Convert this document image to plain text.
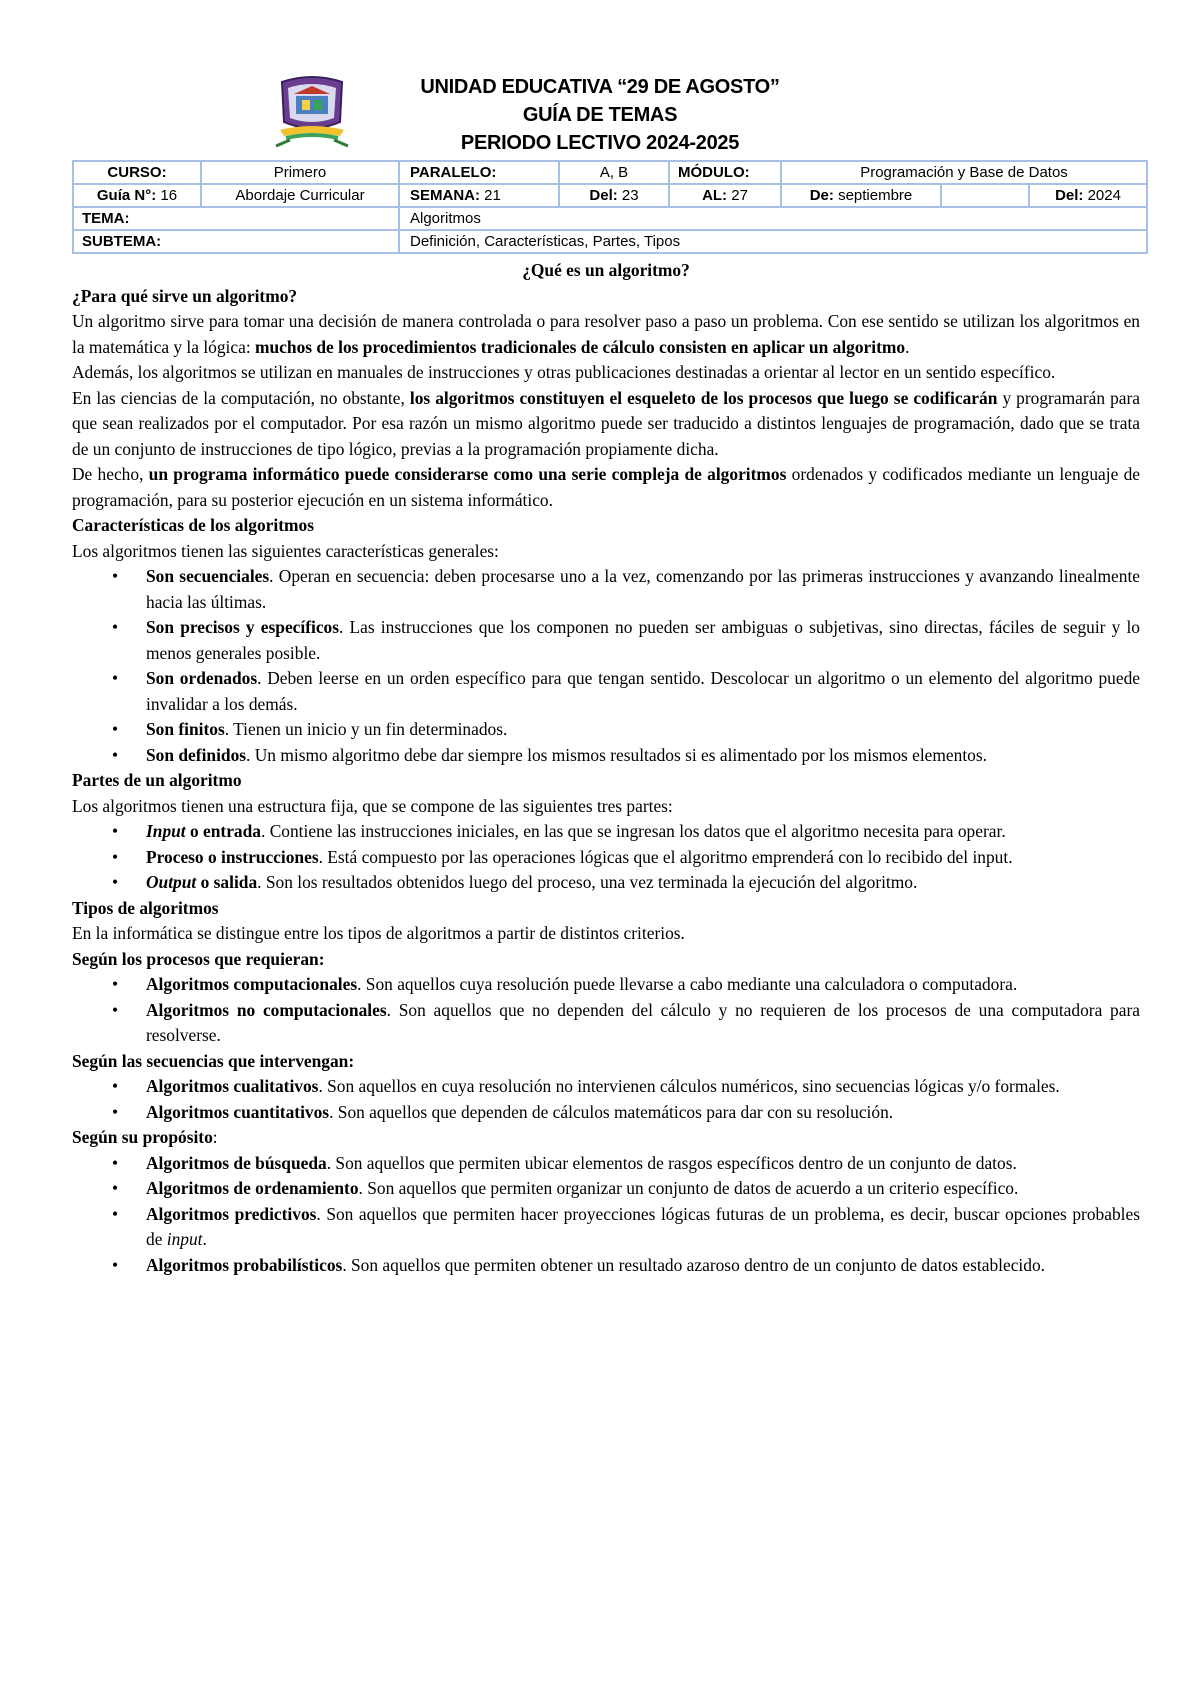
UNIDAD EDUCATIVA “29 DE AGOSTO”
GUÍA DE TEMAS
PERIODO LECTIVO 2024-2025
CURSO:	Primero	PARALELO:	A, B	MÓDULO:	Programación y Base de Datos		
Guía N°: 16	Abordaje Curricular	SEMANA: 21	Del: 23	AL: 27	De: septiembre		Del: 2024
TEMA:		Algoritmos					
SUBTEMA:		Definición, Características, Partes, Tipos					

¿Qué es un algoritmo?

¿Para qué sirve un algoritmo?

Un algoritmo sirve para tomar una decisión de manera controlada o para resolver paso a paso un problema. Con ese sentido se utilizan los algoritmos en la matemática y la lógica: muchos de los procedimientos tradicionales de cálculo consisten en aplicar un algoritmo.

Además, los algoritmos se utilizan en manuales de instrucciones y otras publicaciones destinadas a orientar al lector en un sentido específico.

En las ciencias de la computación, no obstante, los algoritmos constituyen el esqueleto de los procesos que luego se codificarán y programarán para que sean realizados por el computador. Por esa razón un mismo algoritmo puede ser traducido a distintos lenguajes de programación, dado que se trata de un conjunto de instrucciones de tipo lógico, previas a la programación propiamente dicha.

De hecho, un programa informático puede considerarse como una serie compleja de algoritmos ordenados y codificados mediante un lenguaje de programación, para su posterior ejecución en un sistema informático.

Características de los algoritmos

Los algoritmos tienen las siguientes características generales:

• Son secuenciales. Operan en secuencia: deben procesarse uno a la vez, comenzando por las primeras instrucciones y avanzando linealmente hacia las últimas.
• Son precisos y específicos. Las instrucciones que los componen no pueden ser ambiguas o subjetivas, sino directas, fáciles de seguir y lo menos generales posible.
• Son ordenados. Deben leerse en un orden específico para que tengan sentido. Descolocar un algoritmo o un elemento del algoritmo puede invalidar a los demás.
• Son finitos. Tienen un inicio y un fin determinados.
• Son definidos. Un mismo algoritmo debe dar siempre los mismos resultados si es alimentado por los mismos elementos.

Partes de un algoritmo

Los algoritmos tienen una estructura fija, que se compone de las siguientes tres partes:

• Input o entrada. Contiene las instrucciones iniciales, en las que se ingresan los datos que el algoritmo necesita para operar.
• Proceso o instrucciones. Está compuesto por las operaciones lógicas que el algoritmo emprenderá con lo recibido del input.
• Output o salida. Son los resultados obtenidos luego del proceso, una vez terminada la ejecución del algoritmo.

Tipos de algoritmos

En la informática se distingue entre los tipos de algoritmos a partir de distintos criterios.

Según los procesos que requieran:

• Algoritmos computacionales. Son aquellos cuya resolución puede llevarse a cabo mediante una calculadora o computadora.
• Algoritmos no computacionales. Son aquellos que no dependen del cálculo y no requieren de los procesos de una computadora para resolverse.

Según las secuencias que intervengan:

• Algoritmos cualitativos. Son aquellos en cuya resolución no intervienen cálculos numéricos, sino secuencias lógicas y/o formales.
• Algoritmos cuantitativos. Son aquellos que dependen de cálculos matemáticos para dar con su resolución.

Según su propósito:

• Algoritmos de búsqueda. Son aquellos que permiten ubicar elementos de rasgos específicos dentro de un conjunto de datos.
• Algoritmos de ordenamiento. Son aquellos que permiten organizar un conjunto de datos de acuerdo a un criterio específico.
• Algoritmos predictivos. Son aquellos que permiten hacer proyecciones lógicas futuras de un problema, es decir, buscar opciones probables de input.
• Algoritmos probabilísticos. Son aquellos que permiten obtener un resultado azaroso dentro de un conjunto de datos establecido.
